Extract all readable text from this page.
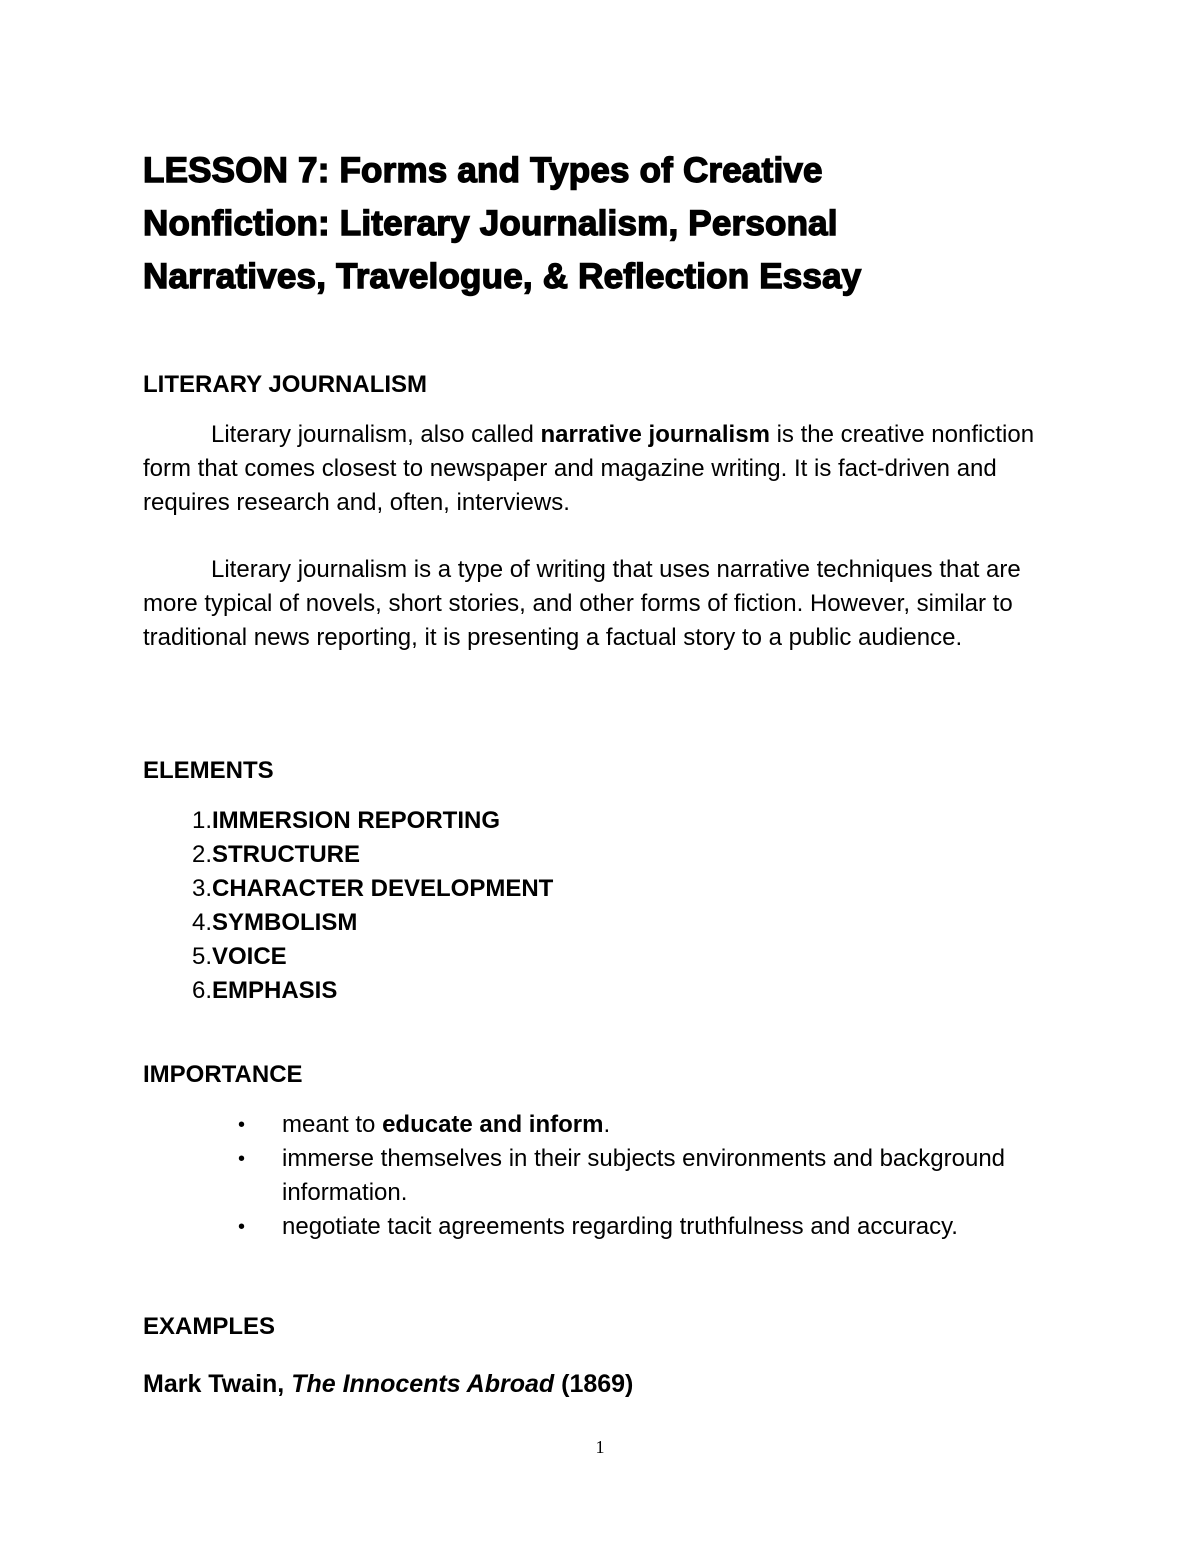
LESSON 7: Forms and Types of Creative
Nonfiction: Literary Journalism, Personal
Narratives, Travelogue, & Reflection Essay
LITERARY JOURNALISM

Literary journalism, also called narrative journalism is the creative nonfiction form that comes closest to newspaper and magazine writing. It is fact-driven and requires research and, often, interviews.

Literary journalism is a type of writing that uses narrative techniques that are more typical of novels, short stories, and other forms of fiction. However, similar to traditional news reporting, it is presenting a factual story to a public audience.

ELEMENTS
1. IMMERSION REPORTING
2. STRUCTURE
3. CHARACTER DEVELOPMENT
4. SYMBOLISM
5. VOICE
6. EMPHASIS
IMPORTANCE
•	meant to educate and inform.
•	immerse themselves in their subjects environments and background information.
•	negotiate tacit agreements regarding truthfulness and accuracy.
EXAMPLES

Mark Twain, The Innocents Abroad (1869)

1
